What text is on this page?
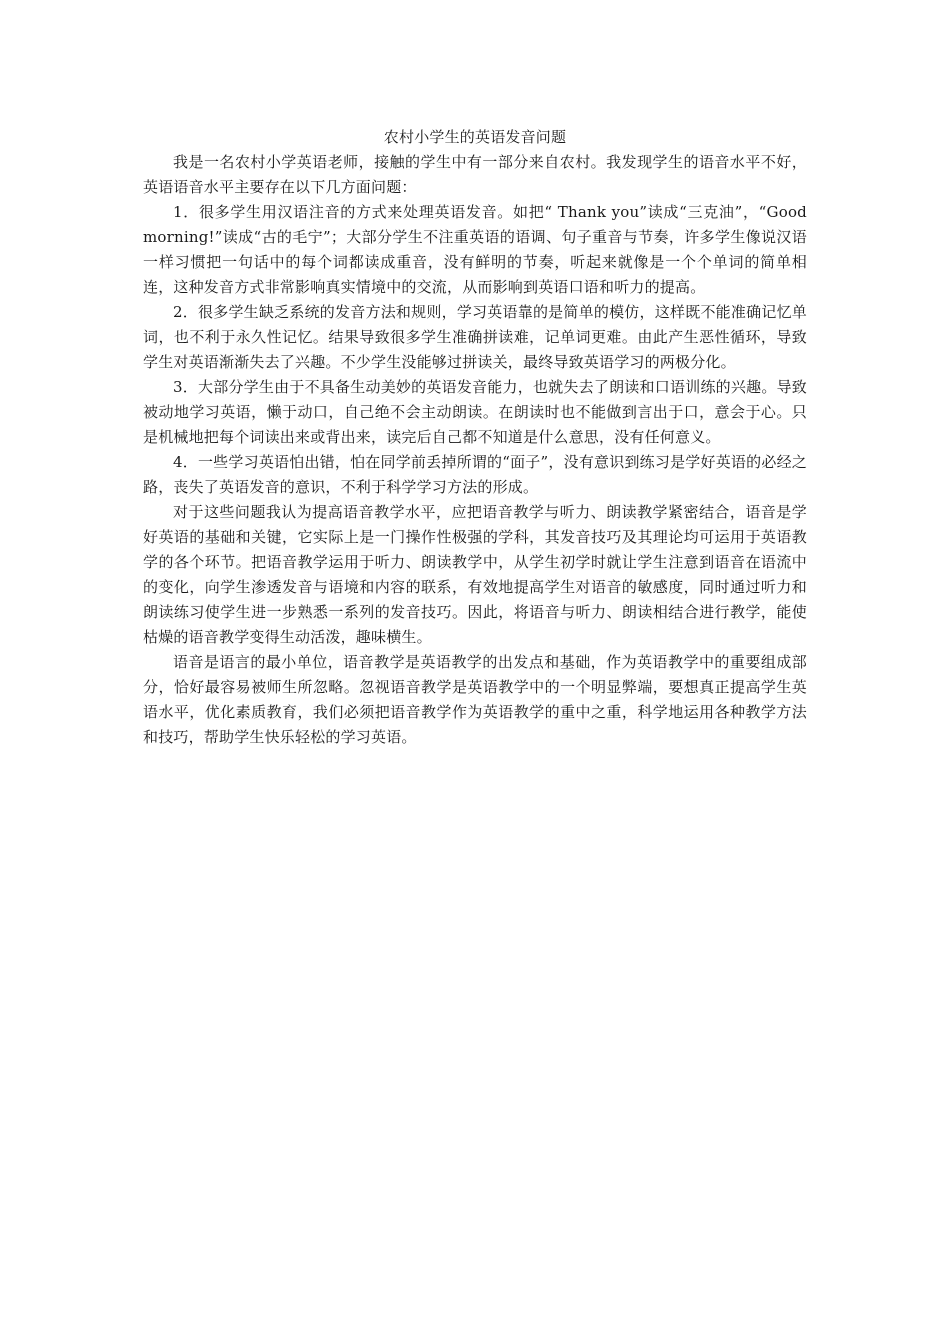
农村小学生的英语发音问题

我是一名农村小学英语老师，接触的学生中有一部分来自农村。我发现学生的语音水平不好，英语语音水平主要存在以下几方面问题：

1．很多学生用汉语注音的方式来处理英语发音。如把“ Thank you”读成“三克油”，“Good morning!”读成“古的毛宁”；大部分学生不注重英语的语调、句子重音与节奏，许多学生像说汉语一样习惯把一句话中的每个词都读成重音，没有鲜明的节奏，听起来就像是一个个单词的简单相连，这种发音方式非常影响真实情境中的交流，从而影响到英语口语和听力的提高。

2．很多学生缺乏系统的发音方法和规则，学习英语靠的是简单的模仿，这样既不能准确记忆单词，也不利于永久性记忆。结果导致很多学生准确拼读难，记单词更难。由此产生恶性循环，导致学生对英语渐渐失去了兴趣。不少学生没能够过拼读关，最终导致英语学习的两极分化。

3．大部分学生由于不具备生动美妙的英语发音能力，也就失去了朗读和口语训练的兴趣。导致被动地学习英语，懒于动口，自己绝不会主动朗读。在朗读时也不能做到言出于口，意会于心。只是机械地把每个词读出来或背出来，读完后自己都不知道是什么意思，没有任何意义。

4．一些学习英语怕出错，怕在同学前丢掉所谓的“面子”，没有意识到练习是学好英语的必经之路，丧失了英语发音的意识，不利于科学学习方法的形成。

对于这些问题我认为提高语音教学水平，应把语音教学与听力、朗读教学紧密结合，语音是学好英语的基础和关键，它实际上是一门操作性极强的学科，其发音技巧及其理论均可运用于英语教学的各个环节。把语音教学运用于听力、朗读教学中，从学生初学时就让学生注意到语音在语流中的变化，向学生渗透发音与语境和内容的联系，有效地提高学生对语音的敏感度，同时通过听力和朗读练习使学生进一步熟悉一系列的发音技巧。因此，将语音与听力、朗读相结合进行教学，能使枯燥的语音教学变得生动活泼，趣味横生。

语音是语言的最小单位，语音教学是英语教学的出发点和基础，作为英语教学中的重要组成部分，恰好最容易被师生所忽略。忽视语音教学是英语教学中的一个明显弊端，要想真正提高学生英语水平，优化素质教育，我们必须把语音教学作为英语教学的重中之重，科学地运用各种教学方法和技巧，帮助学生快乐轻松的学习英语。
